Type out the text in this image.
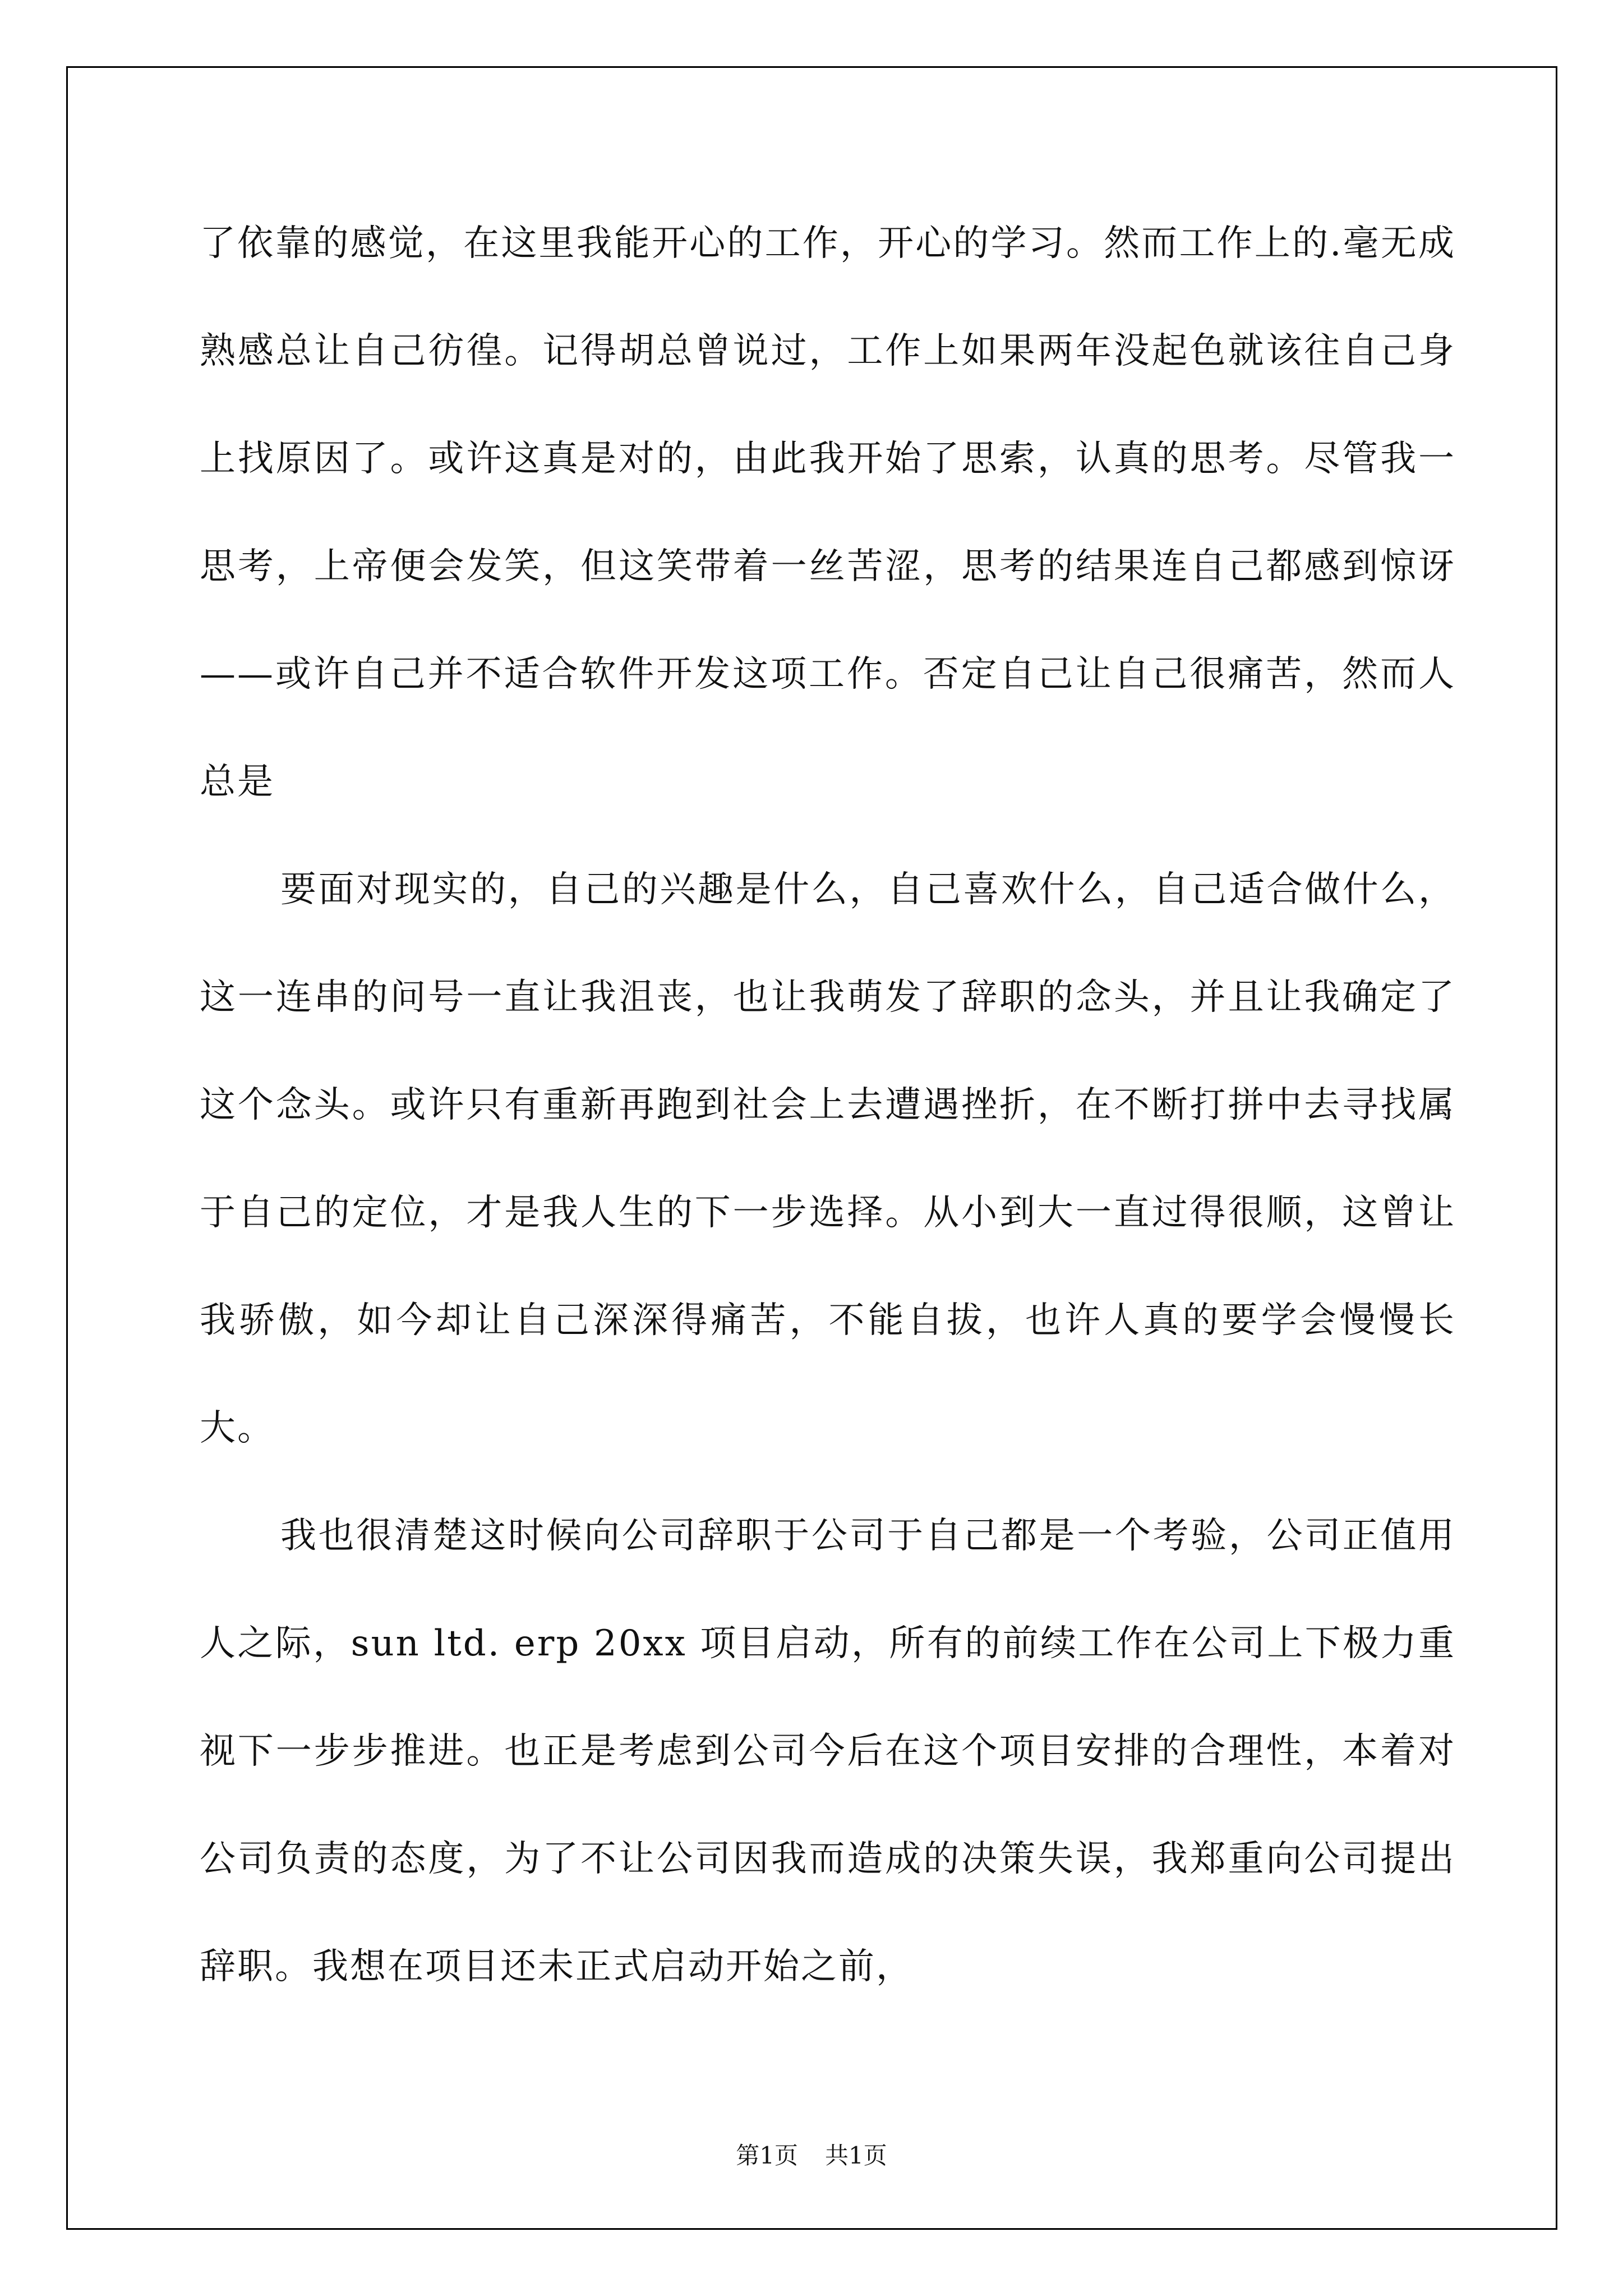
了依靠的感觉，在这里我能开心的工作，开心的学习。然而工作上的.毫无成熟感总让自己彷徨。记得胡总曾说过，工作上如果两年没起色就该往自己身上找原因了。或许这真是对的，由此我开始了思索，认真的思考。尽管我一思考，上帝便会发笑，但这笑带着一丝苦涩，思考的结果连自己都感到惊讶——或许自己并不适合软件开发这项工作。否定自己让自己很痛苦，然而人总是

要面对现实的，自己的兴趣是什么，自己喜欢什么，自己适合做什么，这一连串的问号一直让我沮丧，也让我萌发了辞职的念头，并且让我确定了这个念头。或许只有重新再跑到社会上去遭遇挫折，在不断打拼中去寻找属于自己的定位，才是我人生的下一步选择。从小到大一直过得很顺，这曾让我骄傲，如今却让自己深深得痛苦，不能自拔，也许人真的要学会慢慢长大。

我也很清楚这时候向公司辞职于公司于自己都是一个考验，公司正值用人之际，sun ltd. erp 20xx 项目启动，所有的前续工作在公司上下极力重视下一步步推进。也正是考虑到公司今后在这个项目安排的合理性，本着对公司负责的态度，为了不让公司因我而造成的决策失误，我郑重向公司提出辞职。我想在项目还未正式启动开始之前，

第1页 共1页
